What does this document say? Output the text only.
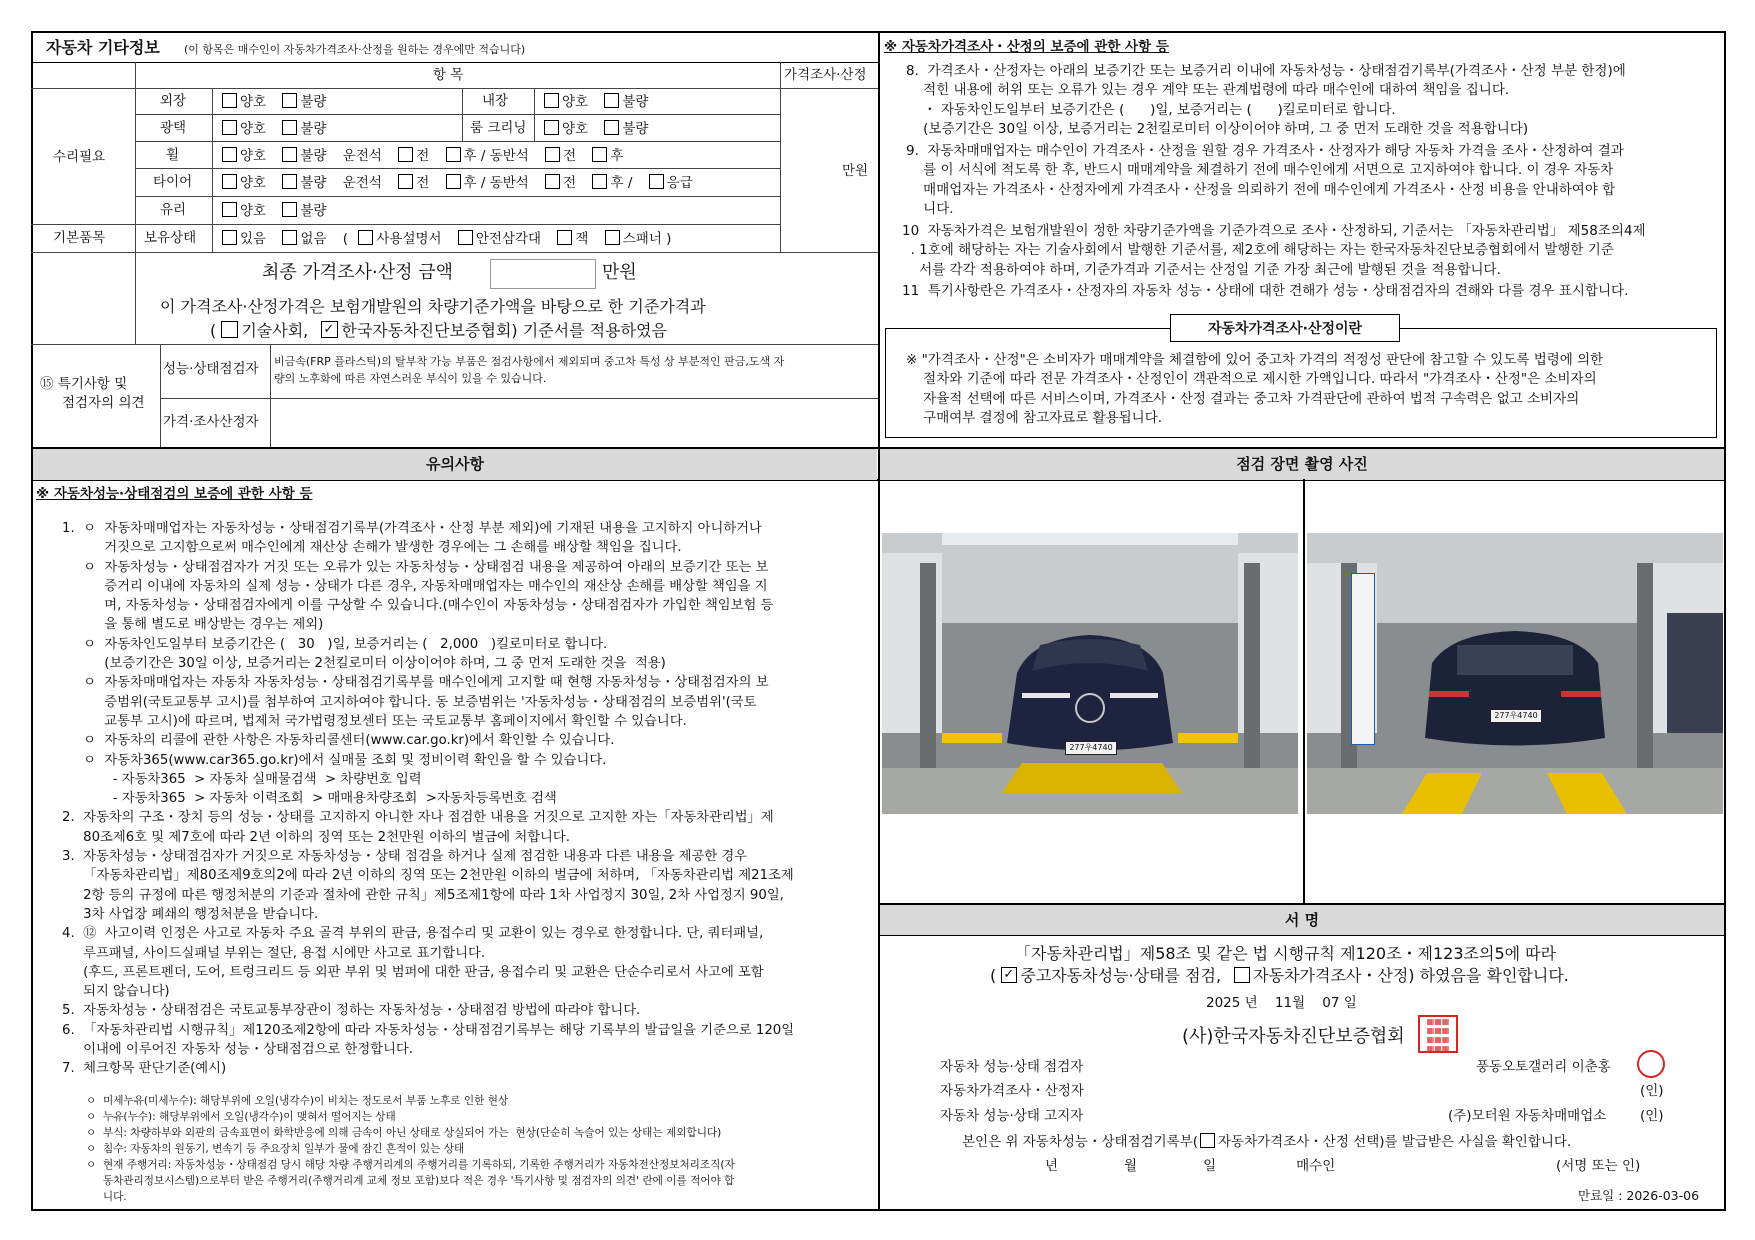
자동차 기타정보 (이 항목은 매수인이 자동차가격조사·산정을 원하는 경우에만 적습니다)
항 목	가격조사·산정
만원
수리필요
외장	양호	불량	내장	양호	불량
광택	양호	불량	룸 크리닝	양호	불량
휠	양호	불량 운전석	전	후 / 동반석	전	후
타이어	양호	불량 운전석	전	후 / 동반석	전	후 /	응급
유리	양호	불량
기본품목	보유상태	있음	없음 ( 사용설명서	안전삼각대	잭	스패너 )
최종 가격조사·산정 금액	만원
이 가격조사·산정가격은 보험개발원의 차량기준가액을 바탕으로 한 기준가격과
( 기술사회, ✓ 한국자동차진단보증협회) 기준서를 적용하였음
⑮ 특기사항 및
점검자의 의견
성능·상태점검자 비금속(FRP 플라스틱)의 탈부착 가능 부품은 점검사항에서 제외되며 중고차 특성 상 부분적인 판금,도색 자
량의 노후화에 따른 자연스러운 부식이 있을 수 있습니다.
가격·조사산정자
※ 자동차가격조사・산정의 보증에 관한 사항 등
8.  가격조사・산정자는 아래의 보증기간 또는 보증거리 이내에 자동차성능・상태점검기록부(가격조사・산정 부분 한정)에
적힌 내용에 허위 또는 오류가 있는 경우 계약 또는 관계법령에 따라 매수인에 대하여 책임을 집니다.
・ 자동차인도일부터 보증기간은 (      )일, 보증거리는 (      )킬로미터로 합니다.
(보증기간은 30일 이상, 보증거리는 2천킬로미터 이상이어야 하며, 그 중 먼저 도래한 것을 적용합니다)
9.  자동차매매업자는 매수인이 가격조사・산정을 원할 경우 가격조사・산정자가 해당 자동차 가격을 조사・산정하여 결과
를 이 서식에 적도록 한 후, 반드시 매매계약을 체결하기 전에 매수인에게 서면으로 고지하여야 합니다. 이 경우 자동차
매매업자는 가격조사・산정자에게 가격조사・산정을 의뢰하기 전에 매수인에게 가격조사・산정 비용을 안내하여야 합
니다.
10  자동차가격은 보험개발원이 정한 차량기준가액을 기준가격으로 조사・산정하되, 기준서는 「자동차관리법」 제58조의4제
. 1호에 해당하는 자는 기술사회에서 발행한 기준서를, 제2호에 해당하는 자는 한국자동차진단보증협회에서 발행한 기준
서를 각각 적용하여야 하며, 기준가격과 기준서는 산정일 기준 가장 최근에 발행된 것을 적용합니다.
11  특기사항란은 가격조사・산정자의 자동차 성능・상태에 대한 견해가 성능・상태점검자의 견해와 다를 경우 표시합니다.
자동차가격조사·산정이란
※ "가격조사・산정"은 소비자가 매매계약을 체결함에 있어 중고차 가격의 적정성 판단에 참고할 수 있도록 법령에 의한
절차와 기준에 따라 전문 가격조사・산정인이 객관적으로 제시한 가액입니다. 따라서 "가격조사・산정"은 소비자의
자율적 선택에 따른 서비스이며, 가격조사・산정 결과는 중고차 가격판단에 관하여 법적 구속력은 없고 소비자의
구매여부 결정에 참고자료로 활용됩니다.
유의사항	점검 장면 촬영 사진
※ 자동차성능·상태점검의 보증에 관한 사항 등
1.  ㅇ  자동차매매업자는 자동차성능・상태점검기록부(가격조사・산정 부분 제외)에 기재된 내용을 고지하지 아니하거나
거짓으로 고지함으로써 매수인에게 재산상 손해가 발생한 경우에는 그 손해를 배상할 책임을 집니다.
ㅇ  자동차성능・상태점검자가 거짓 또는 오류가 있는 자동차성능・상태점검 내용을 제공하여 아래의 보증기간 또는 보
증거리 이내에 자동차의 실제 성능・상태가 다른 경우, 자동차매매업자는 매수인의 재산상 손해를 배상할 책임을 지
며, 자동차성능・상태점검자에게 이를 구상할 수 있습니다.(매수인이 자동차성능・상태점검자가 가입한 책임보험 등
을 통해 별도로 배상받는 경우는 제외)
ㅇ  자동차인도일부터 보증기간은 (   30   )일, 보증거리는 (   2,000   )킬로미터로 합니다.
(보증기간은 30일 이상, 보증거리는 2천킬로미터 이상이어야 하며, 그 중 먼저 도래한 것을  적용)
ㅇ  자동차매매업자는 자동차 자동차성능・상태점검기록부를 매수인에게 고지할 때 현행 자동차성능・상태점검자의 보
증범위(국토교통부 고시)를 첨부하여 고지하여야 합니다. 동 보증범위는 '자동차성능・상태점검의 보증범위'(국토
교통부 고시)에 따르며, 법제처 국가법령정보센터 또는 국토교통부 홈페이지에서 확인할 수 있습니다.
ㅇ  자동차의 리콜에 관한 사항은 자동차리콜센터(www.car.go.kr)에서 확인할 수 있습니다.
ㅇ  자동차365(www.car365.go.kr)에서 실매물 조회 및 정비이력 확인을 할 수 있습니다.
- 자동차365  > 자동차 실매물검색  > 차량번호 입력
- 자동차365  > 자동차 이력조회  > 매매용차량조회  >자동차등록번호 검색
2.  자동차의 구조・장치 등의 성능・상태를 고지하지 아니한 자나 점검한 내용을 거짓으로 고지한 자는「자동차관리법」제
80조제6호 및 제7호에 따라 2년 이하의 징역 또는 2천만원 이하의 벌금에 처합니다.
3.  자동차성능・상태점검자가 거짓으로 자동차성능・상태 점검을 하거나 실제 점검한 내용과 다른 내용을 제공한 경우
「자동차관리법」제80조제9호의2에 따라 2년 이하의 징역 또는 2천만원 이하의 벌금에 처하며, 「자동차관리법 제21조제
2항 등의 규정에 따른 행정처분의 기준과 절차에 관한 규칙」제5조제1항에 따라 1차 사업정지 30일, 2차 사업정지 90일,
3차 사업장 폐쇄의 행정처분을 받습니다.
4.  ⑫  사고이력 인정은 사고로 자동차 주요 골격 부위의 판금, 용접수리 및 교환이 있는 경우로 한정합니다. 단, 쿼터패널,
루프패널, 사이드실패널 부위는 절단, 용접 시에만 사고로 표기합니다.
(후드, 프론트펜더, 도어, 트렁크리드 등 외판 부위 및 범퍼에 대한 판금, 용접수리 및 교환은 단순수리로서 사고에 포함
되지 않습니다)
5.  자동차성능・상태점검은 국토교통부장관이 정하는 자동차성능・상태점검 방법에 따라야 합니다.
6.  「자동차관리법 시행규칙」제120조제2항에 따라 자동차성능・상태점검기록부는 해당 기록부의 발급일을 기준으로 120일
이내에 이루어진 자동차 성능・상태점검으로 한정합니다.
7.  체크항목 판단기준(예시)
ㅇ  미세누유(미세누수): 해당부위에 오일(냉각수)이 비치는 정도로서 부품 노후로 인한 현상
ㅇ  누유(누수): 해당부위에서 오일(냉각수)이 맺혀서 떨어지는 상태
ㅇ  부식: 차량하부와 외판의 금속표면이 화학반응에 의해 금속이 아닌 상태로 상실되어 가는  현상(단순히 녹슬어 있는 상태는 제외합니다)
ㅇ  침수: 자동차의 원동기, 변속기 등 주요장치 일부가 물에 잠긴 흔적이 있는 상태
ㅇ  현재 주행거리: 자동차성능・상태점검 당시 해당 차량 주행거리계의 주행거리를 기록하되, 기록한 주행거리가 자동차전산정보처리조직(자
동차관리정보시스템)으로부터 받은 주행거리(주행거리계 교체 정보 포함)보다 적은 경우 '특기사항 및 점검자의 의견' 란에 이를 적어야 합
니다.
277우4740
277우4740
서 명
「자동차관리법」제58조 및 같은 법 시행규칙 제120조・제123조의5에 따라
( ✓ 중고자동차성능·상태를 점검, 자동차가격조사・산정) 하였음을 확인합니다.
2025 년 11월 07 일
(사)한국자동차진단보증협회
▦▦▦
▦▦▦
▦▦▦
▦▦▦
자동차 성능·상태 점검자	풍동오토갤러리 이춘홍
자동차가격조사・산정자	(인)
자동차 성능·상태 고지자	(주)모터원 자동차매매업소 (인)
본인은 위 자동차성능・상태점검기록부( 자동차가격조사・산정 선택)를 발급받은 사실을 확인합니다.
년	월	일	매수인	(서명 또는 인)
만료일 : 2026-03-06
